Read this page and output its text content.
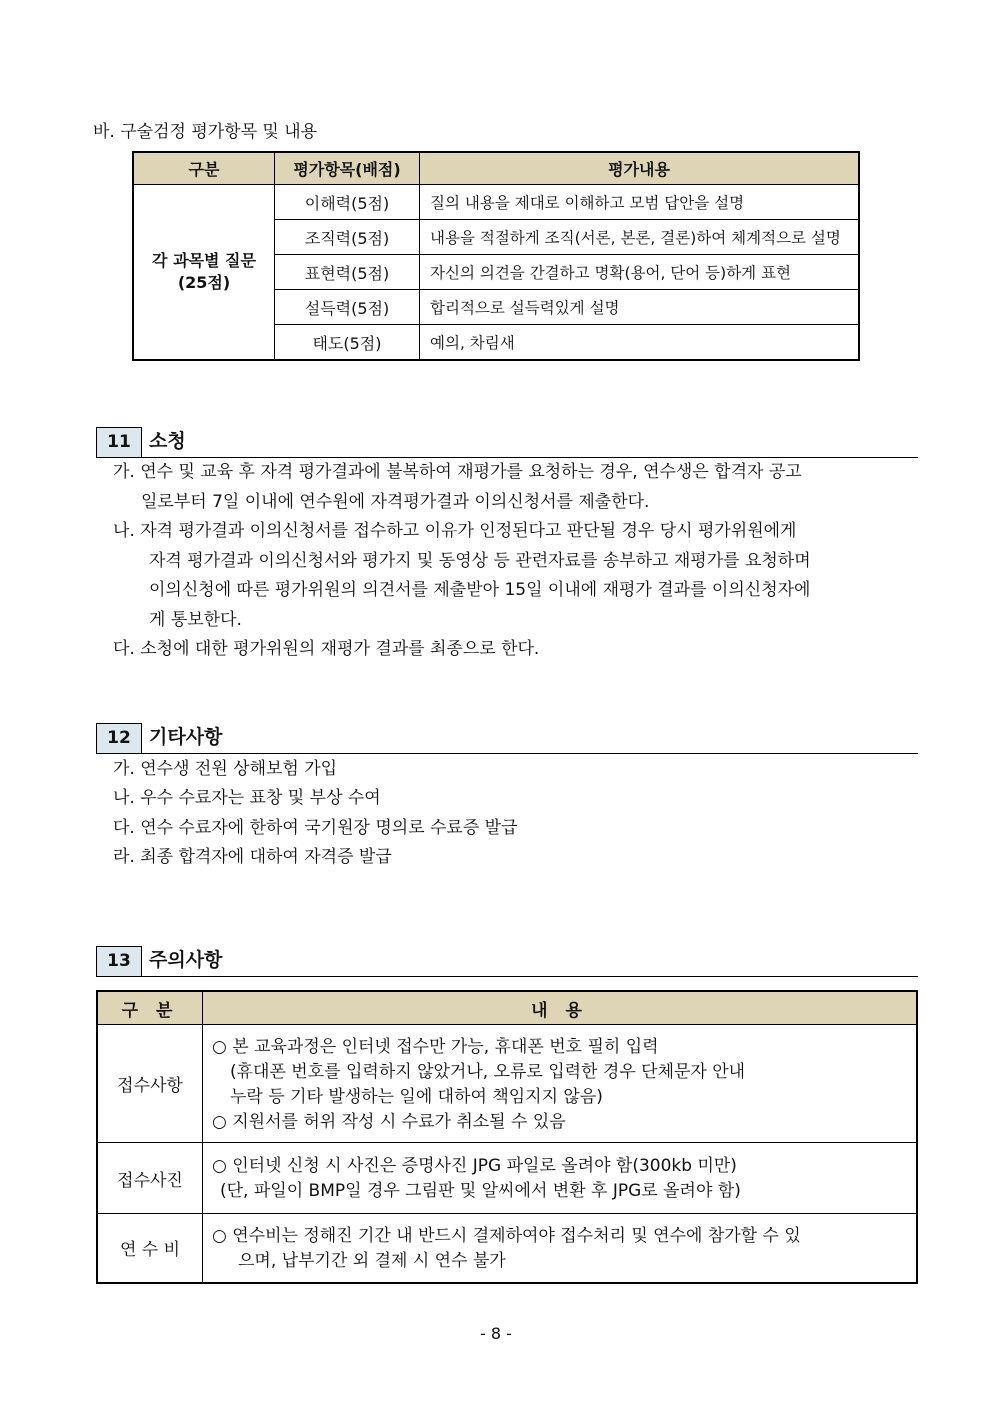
바. 구술검정 평가항목 및 내용
구분	평가항목(배점)	평가내용
각 과목별 질문
(25점)	이해력(5점)	질의 내용을 제대로 이해하고 모범 답안을 설명
	조직력(5점)	내용을 적절하게 조직(서론, 본론, 결론)하여 체계적으로 설명
	표현력(5점)	자신의 의견을 간결하고 명확(용어, 단어 등)하게 표현
	설득력(5점)	합리적으로 설득력있게 설명
	태도(5점)	예의, 차림새
11 소청
가. 연수 및 교육 후 자격 평가결과에 불복하여 재평가를 요청하는 경우, 연수생은 합격자 공고
일로부터 7일 이내에 연수원에 자격평가결과 이의신청서를 제출한다.
나. 자격 평가결과 이의신청서를 접수하고 이유가 인정된다고 판단될 경우 당시 평가위원에게
자격 평가결과 이의신청서와 평가지 및 동영상 등 관련자료를 송부하고 재평가를 요청하며
이의신청에 따른 평가위원의 의견서를 제출받아 15일 이내에 재평가 결과를 이의신청자에
게 통보한다.
다. 소청에 대한 평가위원의 재평가 결과를 최종으로 한다.
12 기타사항
가. 연수생 전원 상해보험 가입
나. 우수 수료자는 표창 및 부상 수여
다. 연수 수료자에 한하여 국기원장 명의로 수료증 발급
라. 최종 합격자에 대하여 자격증 발급
13 주의사항
구 분	내 용
접수사항	○ 본 교육과정은 인터넷 접수만 가능, 휴대폰 번호 필히 입력
(휴대폰 번호를 입력하지 않았거나, 오류로 입력한 경우 단체문자 안내
누락 등 기타 발생하는 일에 대하여 책임지지 않음)
○ 지원서를 허위 작성 시 수료가 취소될 수 있음

접수사진	○ 인터넷 신청 시 사진은 증명사진 JPG 파일로 올려야 함(300kb 미만)
(단, 파일이 BMP일 경우 그림판 및 알씨에서 변환 후 JPG로 올려야 함)

연 수 비	○ 연수비는 정해진 기간 내 반드시 결제하여야 접수처리 및 연수에 참가할 수 있
으며, 납부기간 외 결제 시 연수 불가
- 8 -
